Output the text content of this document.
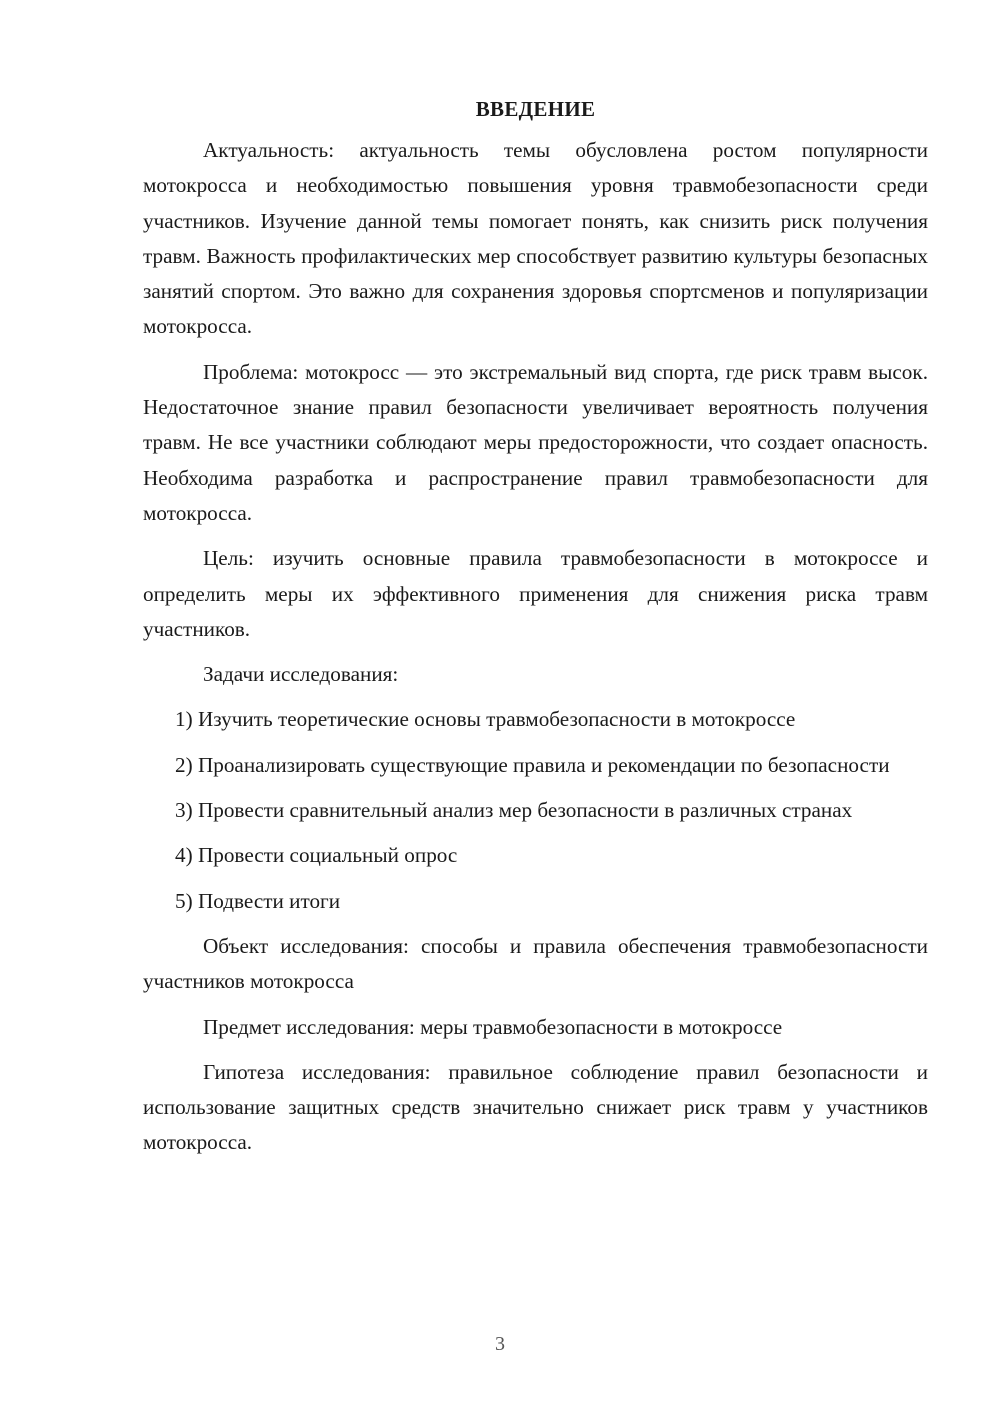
ВВЕДЕНИЕ

Актуальность: актуальность темы обусловлена ростом популярности мотокросса и необходимостью повышения уровня травмобезопасности среди участников. Изучение данной темы помогает понять, как снизить риск получения травм. Важность профилактических мер способствует развитию культуры безопасных занятий спортом. Это важно для сохранения здоровья спортсменов и популяризации мотокросса.

Проблема: мотокросс — это экстремальный вид спорта, где риск травм высок. Недостаточное знание правил безопасности увеличивает вероятность получения травм. Не все участники соблюдают меры предосторожности, что создает опасность. Необходима разработка и распространение правил травмобезопасности для мотокросса.

Цель: изучить основные правила травмобезопасности в мотокроссе и определить меры их эффективного применения для снижения риска травм участников.

Задачи исследования:

1) Изучить теоретические основы травмобезопасности в мотокроссе

2) Проанализировать существующие правила и рекомендации по безопасности

3) Провести сравнительный анализ мер безопасности в различных странах

4) Провести социальный опрос

5) Подвести итоги

Объект исследования: способы и правила обеспечения травмобезопасности участников мотокросса

Предмет исследования: меры травмобезопасности в мотокроссе

Гипотеза исследования: правильное соблюдение правил безопасности и использование защитных средств значительно снижает риск травм у участников мотокросса.

3
